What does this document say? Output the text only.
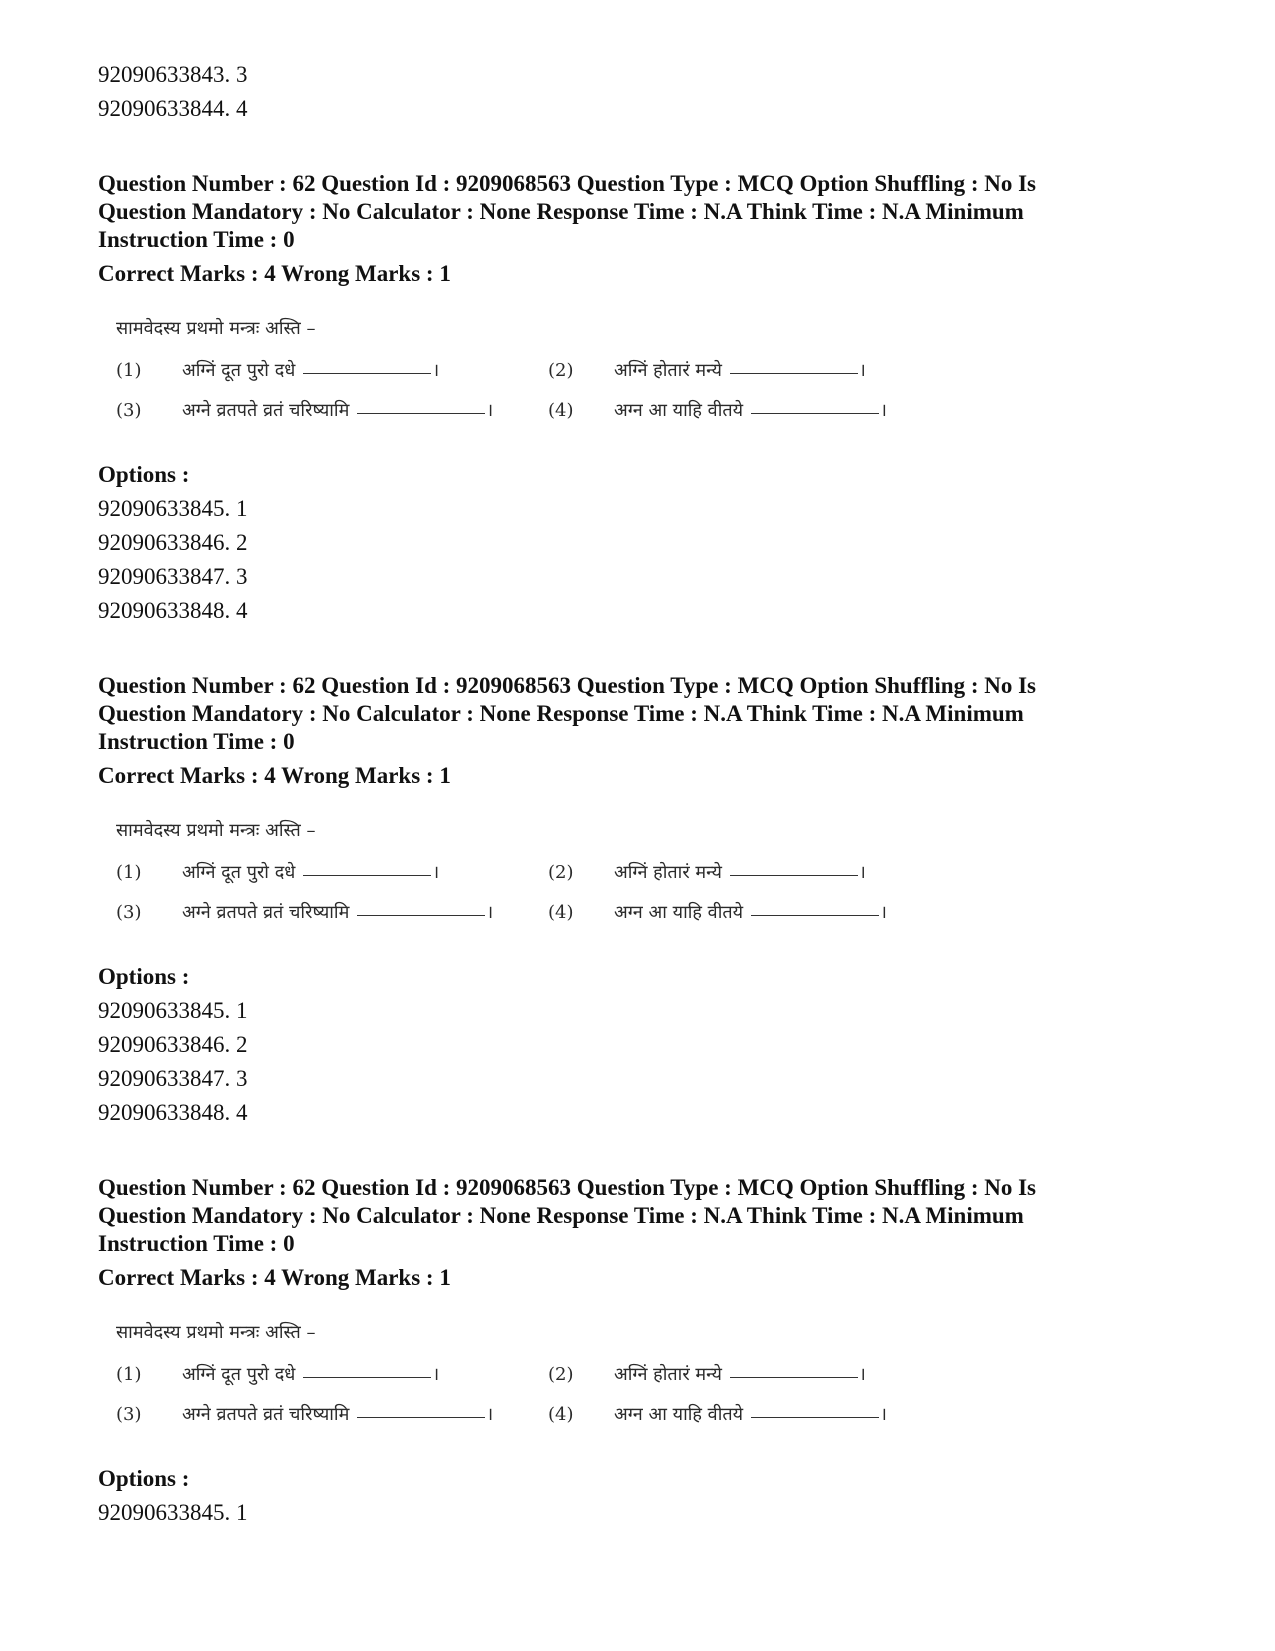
92090633843. 3
92090633844. 4
Question Number : 62 Question Id : 9209068563 Question Type : MCQ Option Shuffling : No Is Question Mandatory : No Calculator : None Response Time : N.A Think Time : N.A Minimum Instruction Time : 0
Correct Marks : 4 Wrong Marks : 1
सामवेदस्य प्रथमो मन्त्रः अस्ति –
(1)	अग्निं दूत पुरो दधे	।	(2)	अग्निं होतारं मन्ये	।
(3)	अग्ने व्रतपते व्रतं चरिष्यामि	।	(4)	अग्न आ याहि वीतये	।
Options :
92090633845. 1
92090633846. 2
92090633847. 3
92090633848. 4
Question Number : 62 Question Id : 9209068563 Question Type : MCQ Option Shuffling : No Is Question Mandatory : No Calculator : None Response Time : N.A Think Time : N.A Minimum Instruction Time : 0
Correct Marks : 4 Wrong Marks : 1
सामवेदस्य प्रथमो मन्त्रः अस्ति –
(1)	अग्निं दूत पुरो दधे	।	(2)	अग्निं होतारं मन्ये	।
(3)	अग्ने व्रतपते व्रतं चरिष्यामि	।	(4)	अग्न आ याहि वीतये	।
Options :
92090633845. 1
92090633846. 2
92090633847. 3
92090633848. 4
Question Number : 62 Question Id : 9209068563 Question Type : MCQ Option Shuffling : No Is Question Mandatory : No Calculator : None Response Time : N.A Think Time : N.A Minimum Instruction Time : 0
Correct Marks : 4 Wrong Marks : 1
सामवेदस्य प्रथमो मन्त्रः अस्ति –
(1)	अग्निं दूत पुरो दधे	।	(2)	अग्निं होतारं मन्ये	।
(3)	अग्ने व्रतपते व्रतं चरिष्यामि	।	(4)	अग्न आ याहि वीतये	।
Options :
92090633845. 1
